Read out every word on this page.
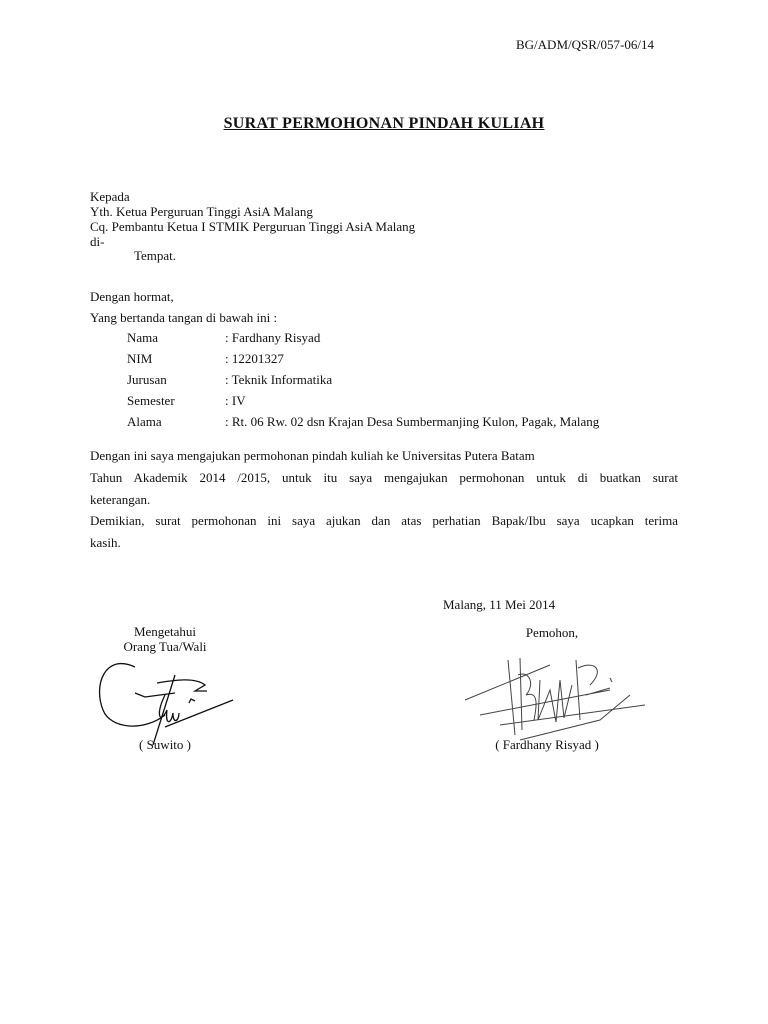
BG/ADM/QSR/057-06/14
SURAT PERMOHONAN PINDAH KULIAH
Kepada
Yth. Ketua Perguruan Tinggi AsiA Malang
Cq. Pembantu Ketua I STMIK Perguruan Tinggi AsiA Malang
di-
Tempat.
Dengan hormat,
Yang bertanda tangan di bawah ini :
Nama	: Fardhany Risyad
NIM	: 12201327
Jurusan	: Teknik Informatika
Semester	: IV
Alama	: Rt. 06 Rw. 02 dsn Krajan Desa Sumbermanjing Kulon, Pagak, Malang
Dengan ini saya mengajukan permohonan pindah kuliah ke Universitas Putera Batam
Tahun Akademik 2014 /2015, untuk itu saya mengajukan permohonan untuk di buatkan surat
keterangan.
Demikian, surat permohonan ini saya ajukan dan atas perhatian Bapak/Ibu saya ucapkan terima
kasih.
Malang, 11 Mei 2014
Mengetahui
Orang Tua/Wali
Pemohon,
( Suwito )	( Fardhany Risyad )
